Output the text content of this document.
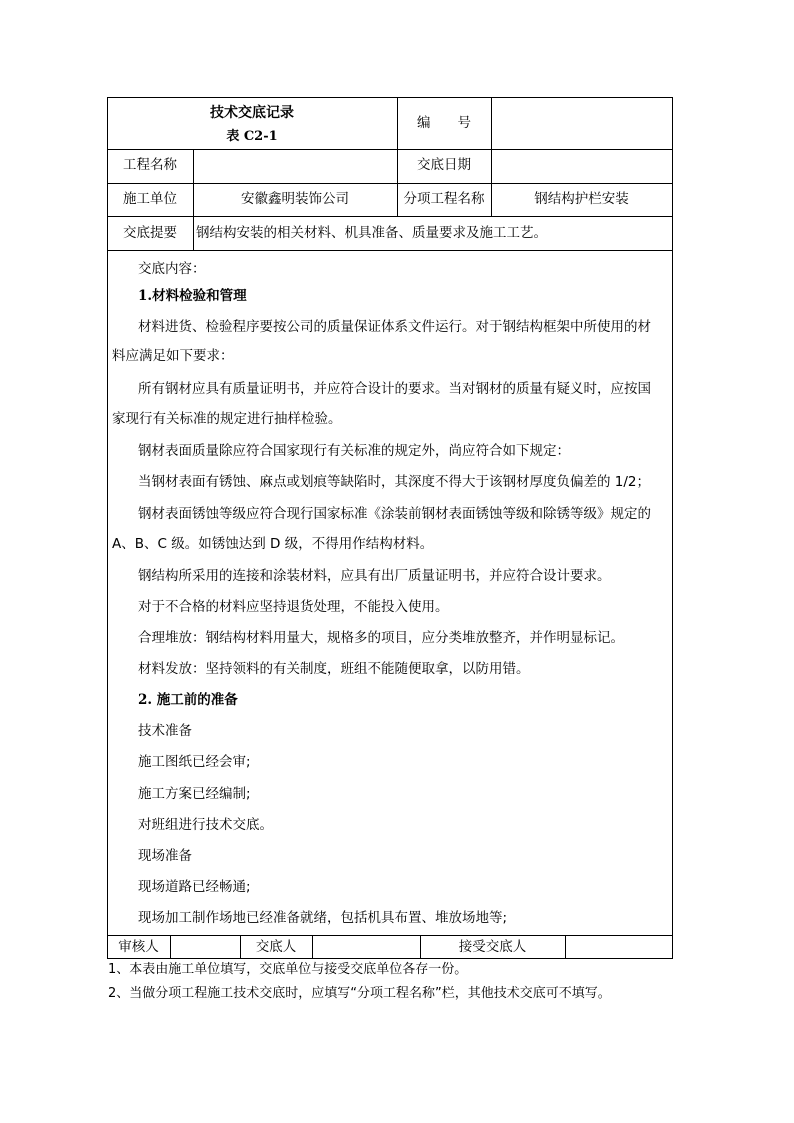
技术交底记录
表 C2-1
编　　号
工程名称	交底日期
施工单位	安徽鑫明装饰公司	分项工程名称	钢结构护栏安装
交底提要	钢结构安装的相关材料、机具准备、质量要求及施工工艺。
交底内容：
1.材料检验和管理
材料进货、检验程序要按公司的质量保证体系文件运行。对于钢结构框架中所使用的材
料应满足如下要求：
所有钢材应具有质量证明书，并应符合设计的要求。当对钢材的质量有疑义时，应按国
家现行有关标准的规定进行抽样检验。
钢材表面质量除应符合国家现行有关标准的规定外，尚应符合如下规定：
当钢材表面有锈蚀、麻点或划痕等缺陷时，其深度不得大于该钢材厚度负偏差的 1/2；
钢材表面锈蚀等级应符合现行国家标准《涂装前钢材表面锈蚀等级和除锈等级》规定的
A、B、C 级。如锈蚀达到 D 级，不得用作结构材料。
钢结构所采用的连接和涂装材料，应具有出厂质量证明书，并应符合设计要求。
对于不合格的材料应坚持退货处理，不能投入使用。
合理堆放：钢结构材料用量大，规格多的项目，应分类堆放整齐，并作明显标记。
材料发放：坚持领料的有关制度，班组不能随便取拿，以防用错。
2. 施工前的准备
技术准备
施工图纸已经会审;
施工方案已经编制;
对班组进行技术交底。
现场准备
现场道路已经畅通;
现场加工制作场地已经准备就绪，包括机具布置、堆放场地等;
审核人	交底人	接受交底人
1、本表由施工单位填写，交底单位与接受交底单位各存一份。
2、当做分项工程施工技术交底时，应填写“分项工程名称”栏，其他技术交底可不填写。
